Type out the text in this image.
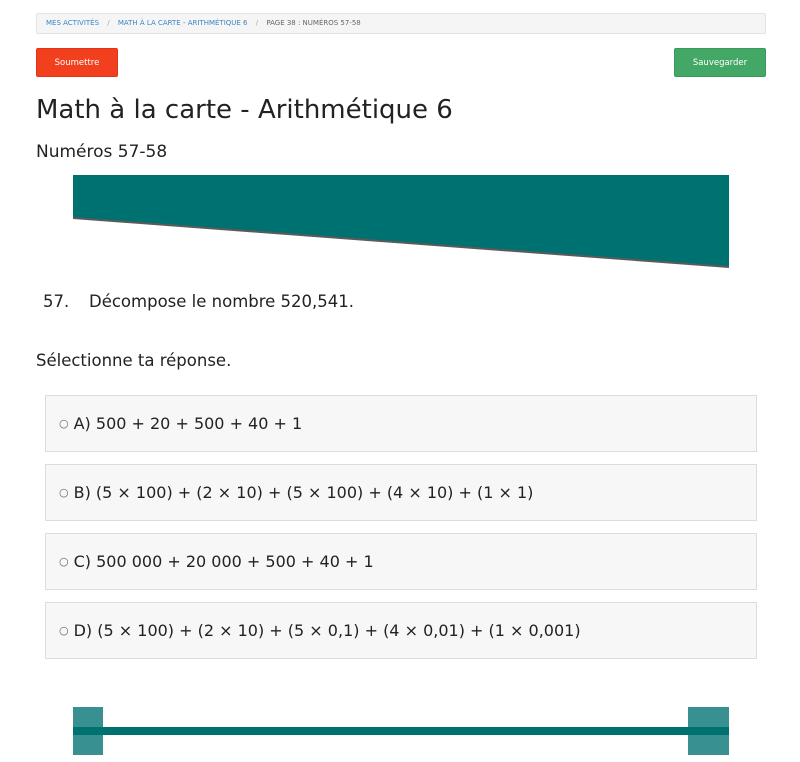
MES ACTIVITÉS / MATH À LA CARTE - ARITHMÉTIQUE 6 / PAGE 38 : NUMÉROS 57-58
Soumettre	Sauvegarder
Math à la carte - Arithmétique 6
Numéros 57-58
57. Décompose le nombre 520,541.
Sélectionne ta réponse.
○ A) 500 + 20 + 500 + 40 + 1
○ B) (5 × 100) + (2 × 10) + (5 × 100) + (4 × 10) + (1 × 1)
○ C) 500 000 + 20 000 + 500 + 40 + 1
○ D) (5 × 100) + (2 × 10) + (5 × 0,1) + (4 × 0,01) + (1 × 0,001)
